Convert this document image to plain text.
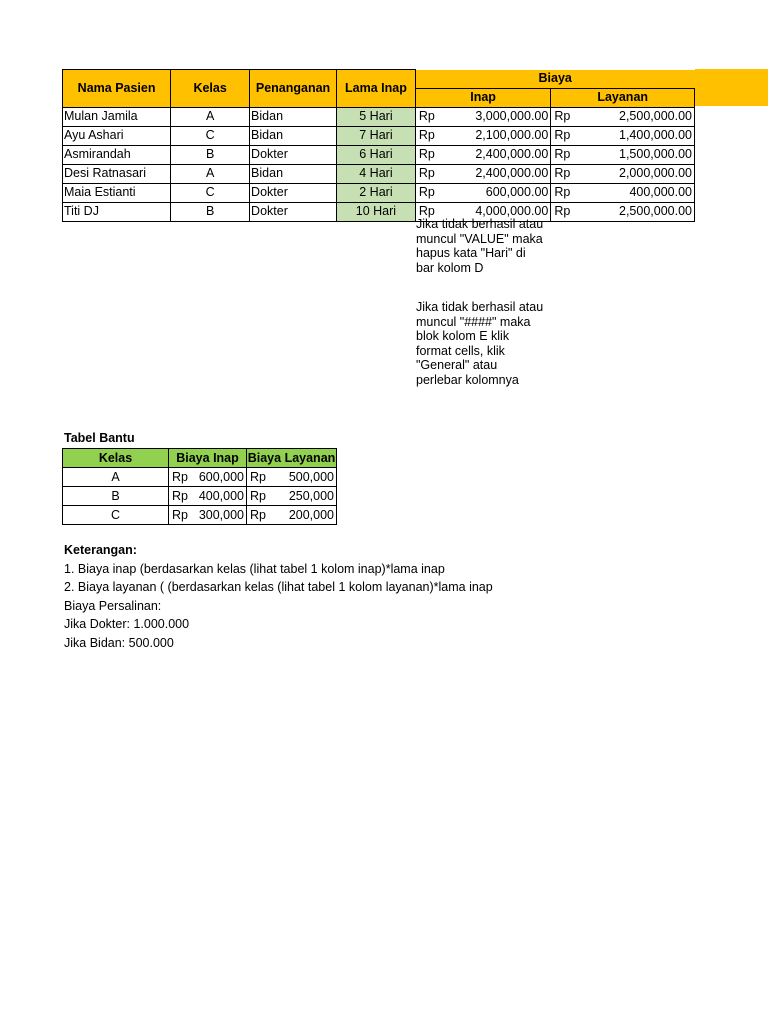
Nama Pasien	Kelas	Penanganan	Lama Inap	Biaya			
				Inap		Layanan	
Mulan Jamila	A	Bidan	5 Hari	Rp	3,000,000.00	Rp	2,500,000.00
Ayu Ashari	C	Bidan	7 Hari	Rp	2,100,000.00	Rp	1,400,000.00
Asmirandah	B	Dokter	6 Hari	Rp	2,400,000.00	Rp	1,500,000.00
Desi Ratnasari	A	Bidan	4 Hari	Rp	2,400,000.00	Rp	2,000,000.00
Maia Estianti	C	Dokter	2 Hari	Rp	600,000.00	Rp	400,000.00
Titi DJ	B	Dokter	10 Hari	Rp	4,000,000.00	Rp	2,500,000.00
Jika tidak berhasil atau
muncul "VALUE" maka
hapus kata "Hari" di
bar kolom D
Jika tidak berhasil atau
muncul "####" maka
blok kolom E klik
format cells, klik
"General" atau
perlebar kolomnya
Tabel Bantu
Kelas	Biaya Inap		Biaya Layanan	
A	Rp	600,000	Rp	500,000
B	Rp	400,000	Rp	250,000
C	Rp	300,000	Rp	200,000
Keterangan:
1. Biaya inap (berdasarkan kelas (lihat tabel 1 kolom inap)*lama inap
2. Biaya layanan ( (berdasarkan kelas (lihat tabel 1 kolom layanan)*lama inap
Biaya Persalinan:
Jika Dokter: 1.000.000
Jika Bidan: 500.000
